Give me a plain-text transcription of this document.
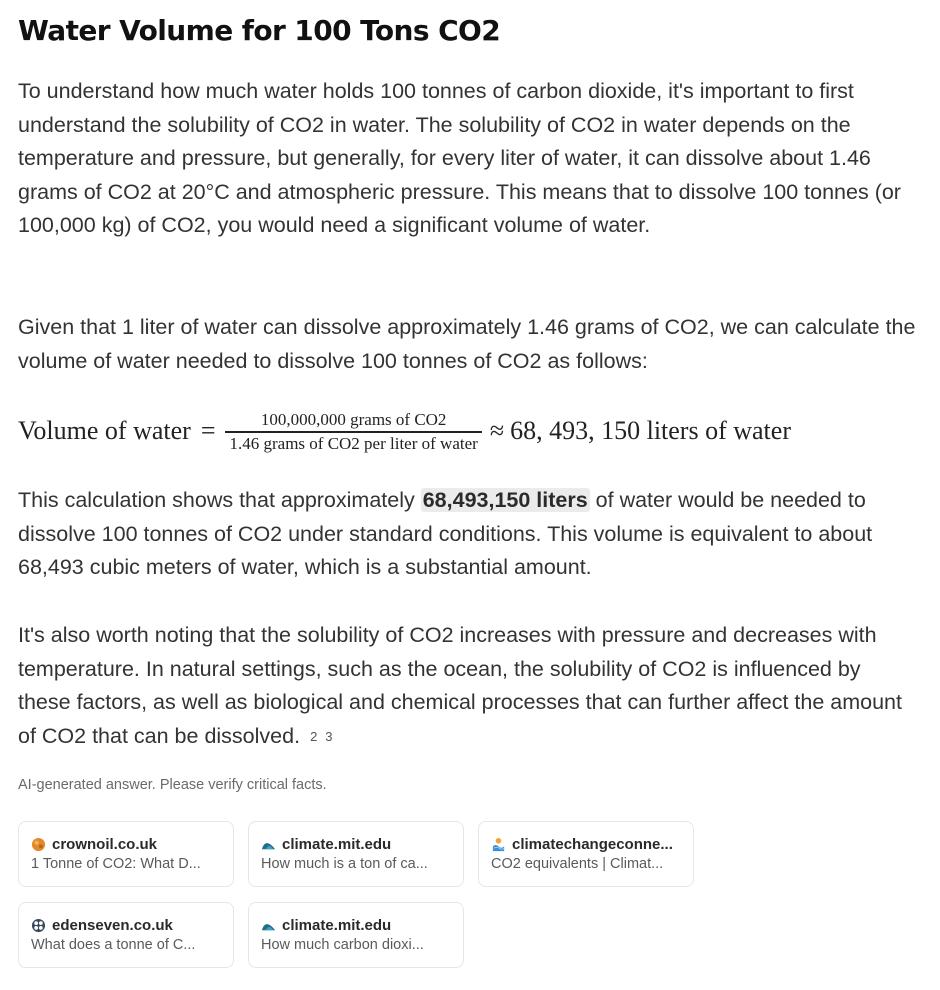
Water Volume for 100 Tons CO2

To understand how much water holds 100 tonnes of carbon dioxide, it's important to first understand the solubility of CO2 in water. The solubility of CO2 in water depends on the temperature and pressure, but generally, for every liter of water, it can dissolve about 1.46 grams of CO2 at 20°C and atmospheric pressure. This means that to dissolve 100 tonnes (or 100,000 kg) of CO2, you would need a significant volume of water.

Given that 1 liter of water can dissolve approximately 1.46 grams of CO2, we can calculate the volume of water needed to dissolve 100 tonnes of CO2 as follows:

Volume of water = $\frac{\text{100,000,000 grams of CO2}}{\text{1.46 grams of CO2 per liter of water}} \approx 68$, 493, 150 liters of water

This calculation shows that approximately 68,493,150 liters of water would be needed to dissolve 100 tonnes of CO2 under standard conditions. This volume is equivalent to about 68,493 cubic meters of water, which is a substantial amount.

It's also worth noting that the solubility of CO2 increases with pressure and decreases with temperature. In natural settings, such as the ocean, the solubility of CO2 is influenced by these factors, as well as biological and chemical processes that can further affect the amount of CO2 that can be dissolved. 2 3

AI-generated answer. Please verify critical facts.
crownoil.co.uk
1 Tonne of CO2: What D...
climate.mit.edu
How much is a ton of ca...
climatechangeconne...
CO2 equivalents | Climat...
edenseven.co.uk
What does a tonne of C...
climate.mit.edu
How much carbon dioxi...
